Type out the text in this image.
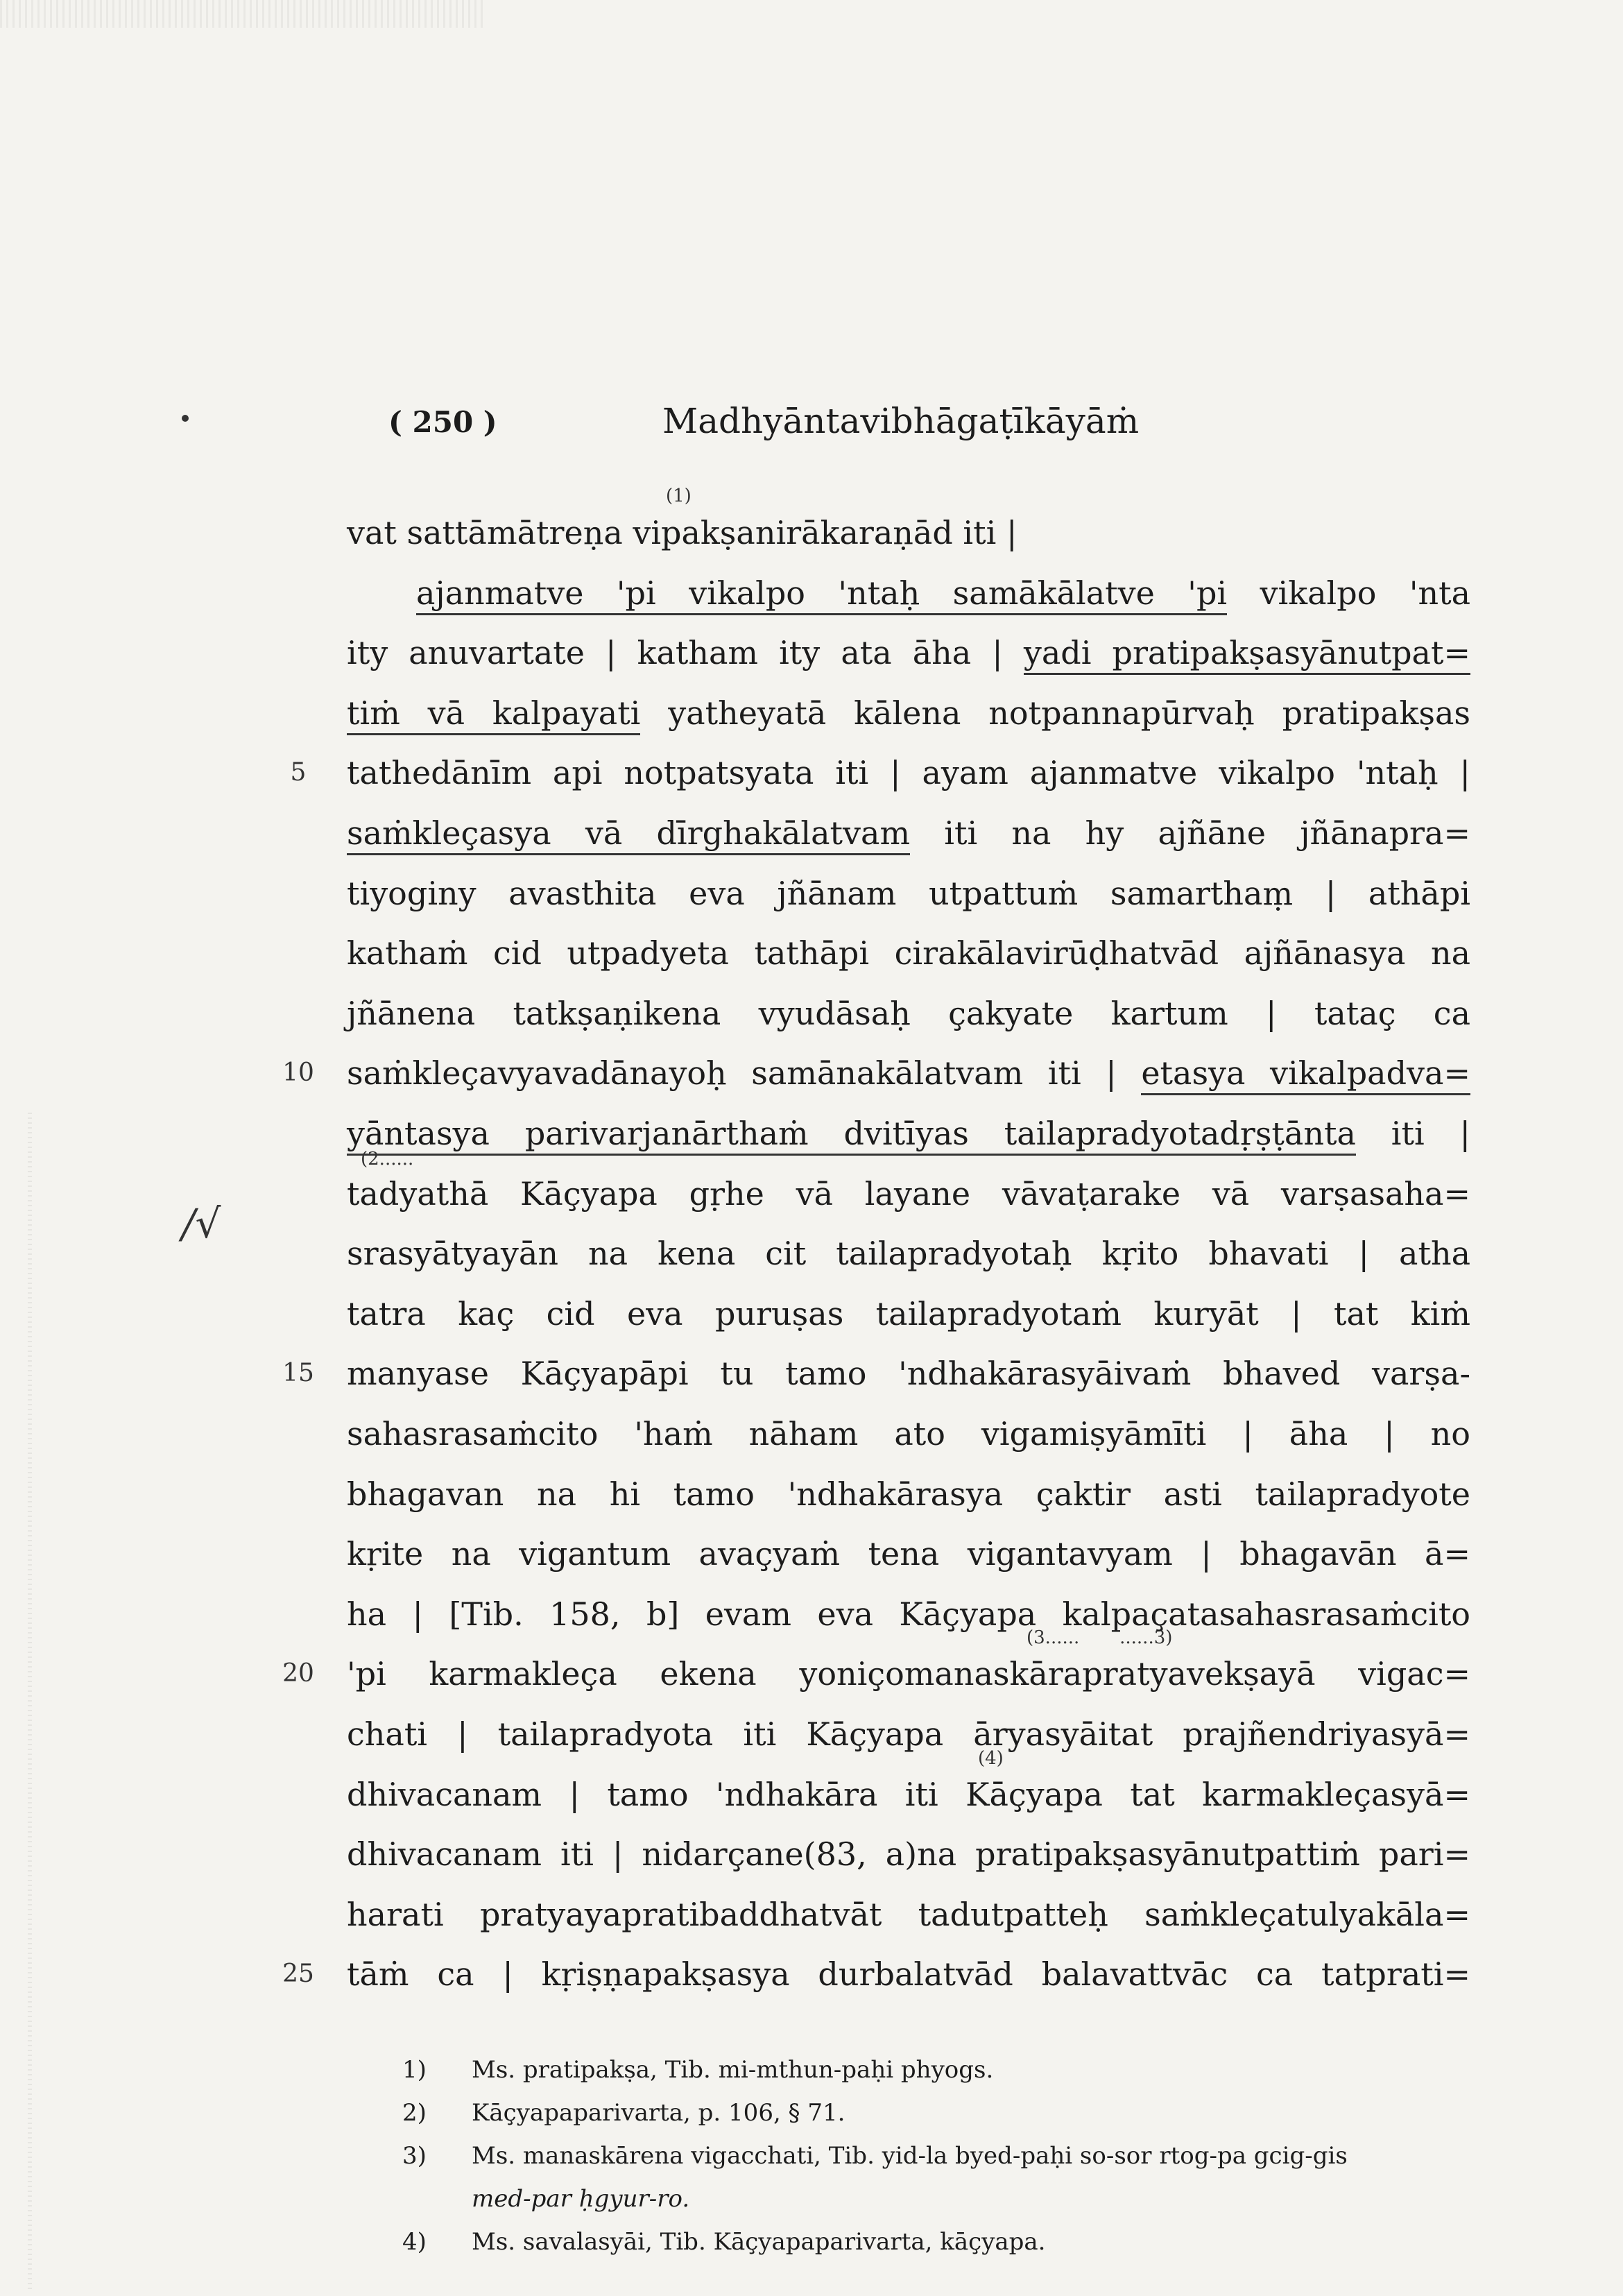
( 250 )	Madhyāntavibhāgaṭīkāyāṁ
/√
(1)
(2......
(3......       ......3)
(4)
vat sattāmātreṇa vipakṣanirākaraṇād iti |
ajanmatve 'pi vikalpo 'ntaḥ samākālatve 'pi vikalpo 'nta
ity anuvartate | katham ity ata āha | yadi pratipakṣasyānutpat=
tiṁ vā kalpayati yatheyatā kālena notpannapūrvaḥ pratipakṣas
5	tathedānīm api notpatsyata iti | ayam ajanmatve vikalpo 'ntaḥ |
saṁkleçasya vā dīrghakālatvam iti na hy ajñāne jñānapra=
tiyoginy avasthita eva jñānam utpattuṁ samarthaṃ | athāpi
kathaṁ cid utpadyeta tathāpi cirakālavirūḍhatvād ajñānasya na
jñānena tatkṣaṇikena vyudāsaḥ çakyate kartum | tataç ca
10 saṁkleçavyavadānayoḥ samānakālatvam iti | etasya vikalpadva=
yāntasya parivarjanārthaṁ dvitīyas tailapradyotadṛṣṭānta iti |
tadyathā Kāçyapa gṛhe vā layane vāvaṭarake vā varṣasaha=
srasyātyayān na kena cit tailapradyotaḥ kṛito bhavati | atha
tatra kaç cid eva puruṣas tailapradyotaṁ kuryāt | tat kiṁ
15 manyase Kāçyapāpi tu tamo 'ndhakārasyāivaṁ bhaved varṣa-
sahasrasaṁcito 'haṁ nāham ato vigamiṣyāmīti | āha | no
bhagavan na hi tamo 'ndhakārasya çaktir asti tailapradyote
kṛite na vigantum avaçyaṁ tena vigantavyam | bhagavān ā=
ha | [Tib. 158, b] evam eva Kāçyapa kalpaçatasahasrasaṁcito
20 'pi karmakleça ekena yoniçomanaskārapratyavekṣayā vigac=
chati | tailapradyota iti Kāçyapa āryasyāitat prajñendriyasyā=
dhivacanam | tamo 'ndhakāra iti Kāçyapa tat karmakleçasyā=
dhivacanam iti | nidarçane(83, a)na pratipakṣasyānutpattiṁ pari=
harati pratyayapratibaddhatvāt tadutpatteḥ saṁkleçatulyakāla=
25 tāṁ ca | kṛiṣṇapakṣasya durbalatvād balavattvāc ca tatprati=
1) Ms. pratipakṣa, Tib. mi-mthun-paḥi phyogs.
2) Kāçyapaparivarta, p. 106, § 71.
3) Ms. manaskārena vigacchati, Tib. yid-la byed-paḥi so-sor rtog-pa gcig-gis
med-par ḥgyur-ro.
4) Ms. savalasyāi, Tib. Kāçyapaparivarta, kāçyapa.
